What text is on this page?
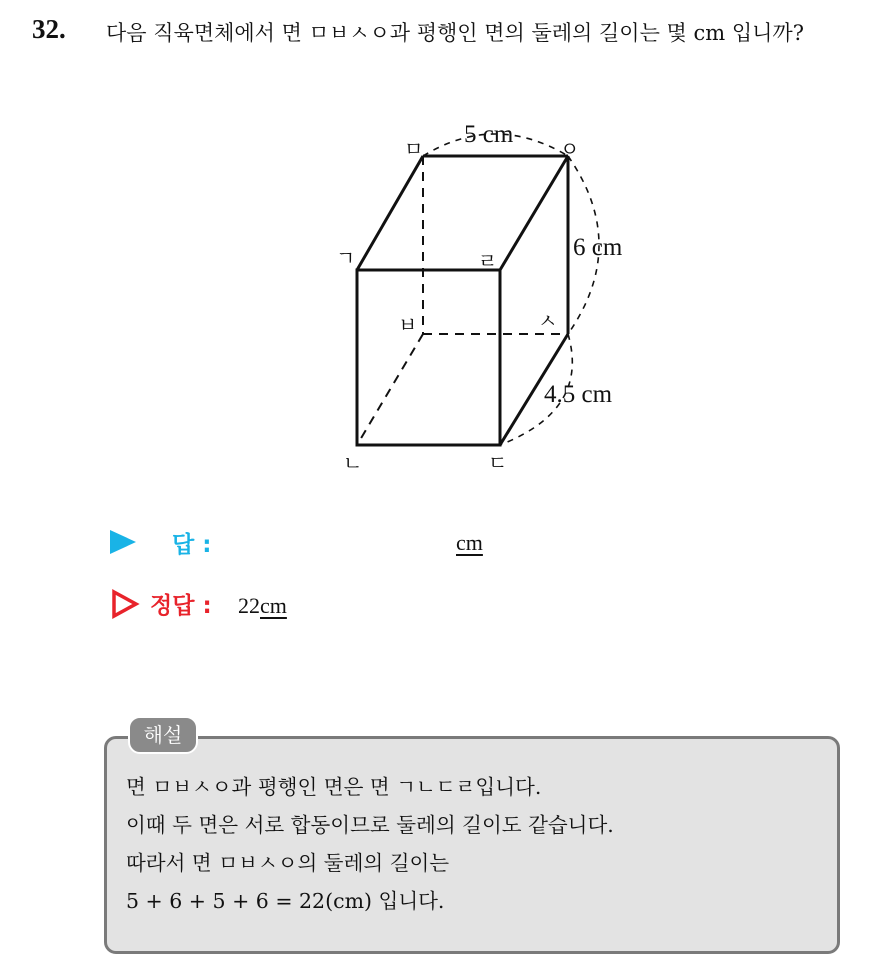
32. 다음 직육면체에서 면 ㅁㅂㅅㅇ과 평행인 면의 둘레의 길이는 몇 cm 입니까?
ㅁ	ㅇ
ㄱ	ㄹ
ㅂ	ㅅ
ㄴ	ㄷ
5 cm
6 cm
4.5 cm
답 :	cm
정답 : 22cm
해설
면 ㅁㅂㅅㅇ과 평행인 면은 면 ㄱㄴㄷㄹ입니다.
이때 두 면은 서로 합동이므로 둘레의 길이도 같습니다.
따라서 면 ㅁㅂㅅㅇ의 둘레의 길이는
5 + 6 + 5 + 6 = 22(cm) 입니다.
